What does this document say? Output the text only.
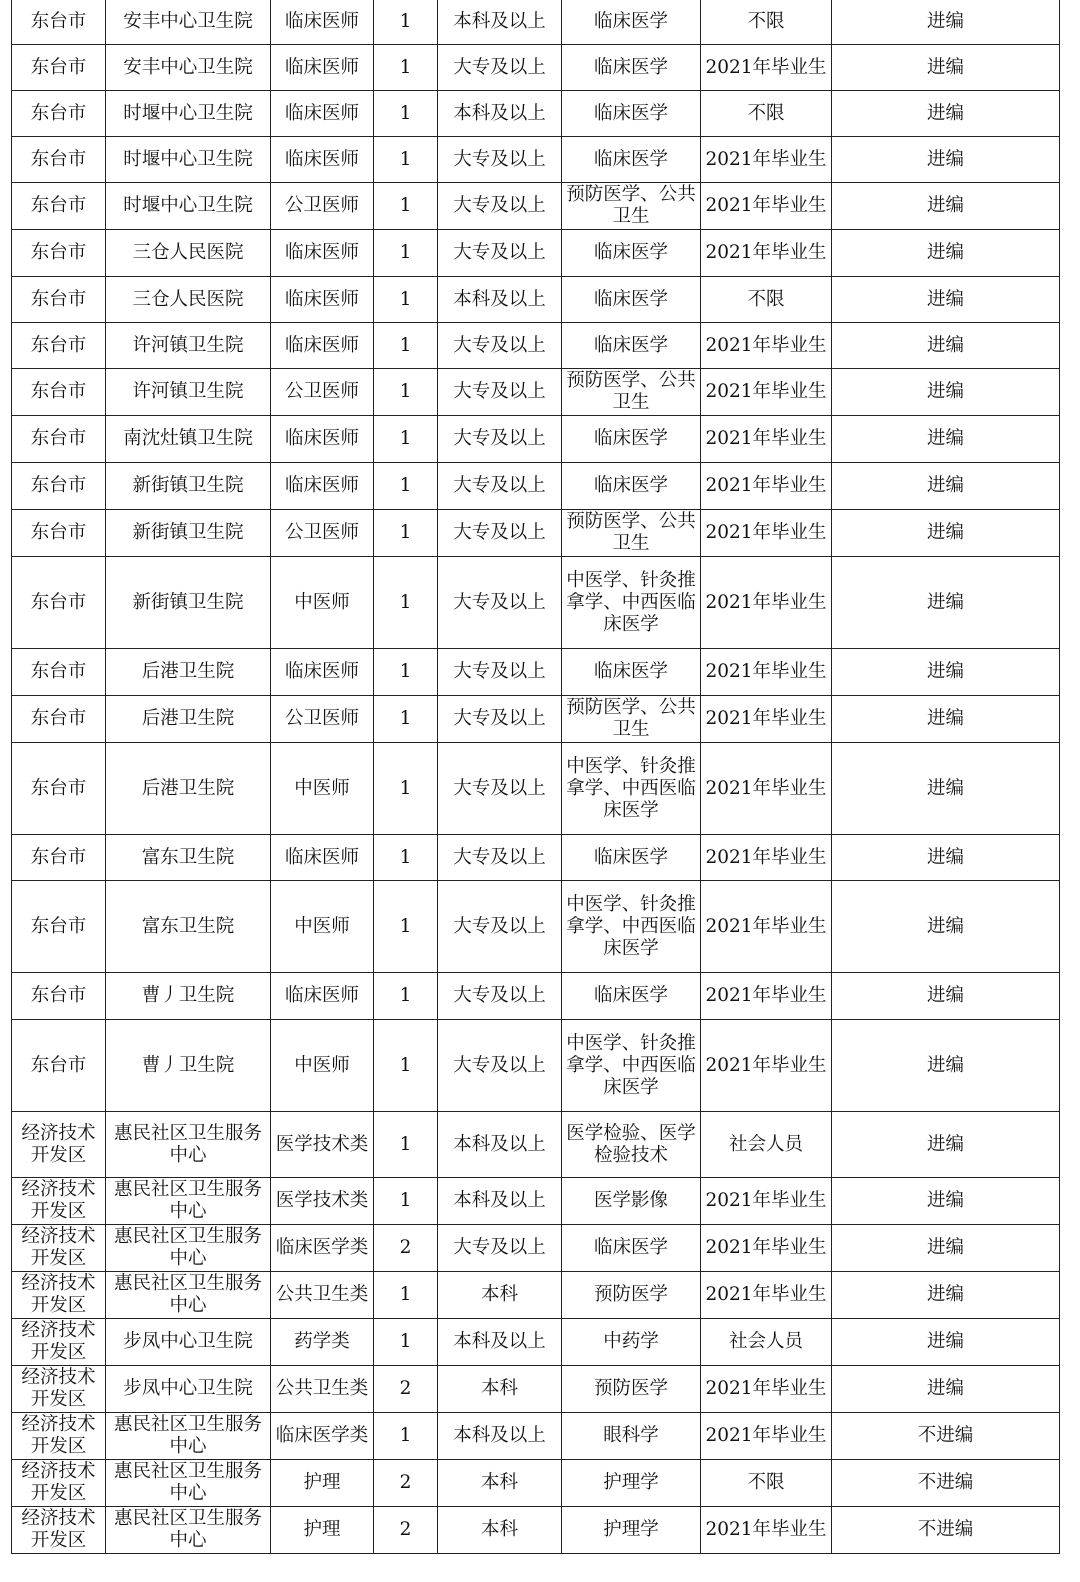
东台市	安丰中心卫生院	临床医师	1	本科及以上	临床医学	不限	进编
东台市	安丰中心卫生院	临床医师	1	大专及以上	临床医学	2021年毕业生	进编
东台市	时堰中心卫生院	临床医师	1	本科及以上	临床医学	不限	进编
东台市	时堰中心卫生院	临床医师	1	大专及以上	临床医学	2021年毕业生	进编
东台市	时堰中心卫生院	公卫医师	1	大专及以上	预防医学、公共卫生	2021年毕业生	进编
东台市	三仓人民医院	临床医师	1	大专及以上	临床医学	2021年毕业生	进编
东台市	三仓人民医院	临床医师	1	本科及以上	临床医学	不限	进编
东台市	许河镇卫生院	临床医师	1	大专及以上	临床医学	2021年毕业生	进编
东台市	许河镇卫生院	公卫医师	1	大专及以上	预防医学、公共卫生	2021年毕业生	进编
东台市	南沈灶镇卫生院	临床医师	1	大专及以上	临床医学	2021年毕业生	进编
东台市	新街镇卫生院	临床医师	1	大专及以上	临床医学	2021年毕业生	进编
东台市	新街镇卫生院	公卫医师	1	大专及以上	预防医学、公共卫生	2021年毕业生	进编
东台市	新街镇卫生院	中医师	1	大专及以上	中医学、针灸推拿学、中西医临床医学	2021年毕业生	进编
东台市	后港卫生院	临床医师	1	大专及以上	临床医学	2021年毕业生	进编
东台市	后港卫生院	公卫医师	1	大专及以上	预防医学、公共卫生	2021年毕业生	进编
东台市	后港卫生院	中医师	1	大专及以上	中医学、针灸推拿学、中西医临床医学	2021年毕业生	进编
东台市	富东卫生院	临床医师	1	大专及以上	临床医学	2021年毕业生	进编
东台市	富东卫生院	中医师	1	大专及以上	中医学、针灸推拿学、中西医临床医学	2021年毕业生	进编
东台市	曹丿卫生院	临床医师	1	大专及以上	临床医学	2021年毕业生	进编
东台市	曹丿卫生院	中医师	1	大专及以上	中医学、针灸推拿学、中西医临床医学	2021年毕业生	进编
经济技术开发区	惠民社区卫生服务中心	医学技术类	1	本科及以上	医学检验、医学检验技术	社会人员	进编
经济技术开发区	惠民社区卫生服务中心	医学技术类	1	本科及以上	医学影像	2021年毕业生	进编
经济技术开发区	惠民社区卫生服务中心	临床医学类	2	大专及以上	临床医学	2021年毕业生	进编
经济技术开发区	惠民社区卫生服务中心	公共卫生类	1	本科	预防医学	2021年毕业生	进编
经济技术开发区	步凤中心卫生院	药学类	1	本科及以上	中药学	社会人员	进编
经济技术开发区	步凤中心卫生院	公共卫生类	2	本科	预防医学	2021年毕业生	进编
经济技术开发区	惠民社区卫生服务中心	临床医学类	1	本科及以上	眼科学	2021年毕业生	不进编
经济技术开发区	惠民社区卫生服务中心	护理	2	本科	护理学	不限	不进编
经济技术开发区	惠民社区卫生服务中心	护理	2	本科	护理学	2021年毕业生	不进编
